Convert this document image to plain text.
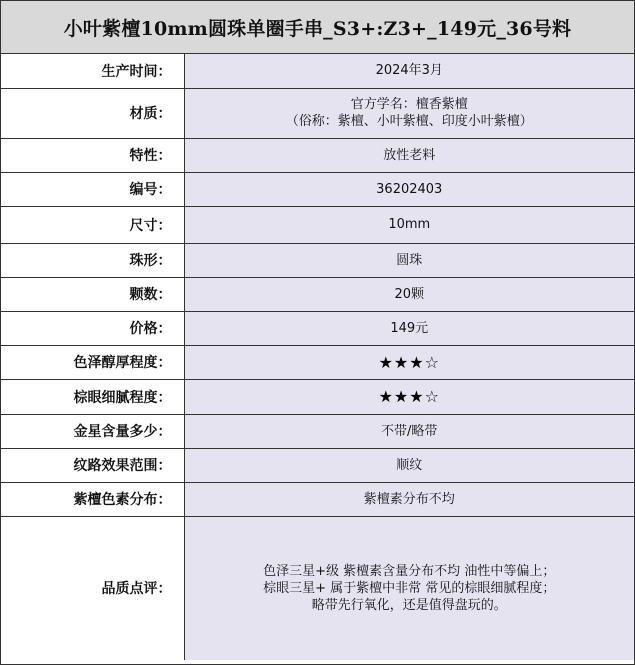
小叶紫檀10mm圆珠单圈手串_S3+:Z3+_149元_36号料
生产时间：	2024年3月

材质：	官方学名：檀香紫檀
（俗称：紫檀、小叶紫檀、印度小叶紫檀）

特性：	放性老料

编号：	36202403

尺寸：	10mm

珠形：	圆珠

颗数：	20颗

价格：	149元

色泽醇厚程度：	★★★☆

棕眼细腻程度：	★★★☆

金星含量多少：	不带/略带

纹路效果范围：	顺纹

紫檀色素分布：	紫檀素分布不均

品质点评：	色泽三星+级 紫檀素含量分布不均 油性中等偏上；
棕眼三星+ 属于紫檀中非常 常见的棕眼细腻程度；
略带先行氧化，还是值得盘玩的。
